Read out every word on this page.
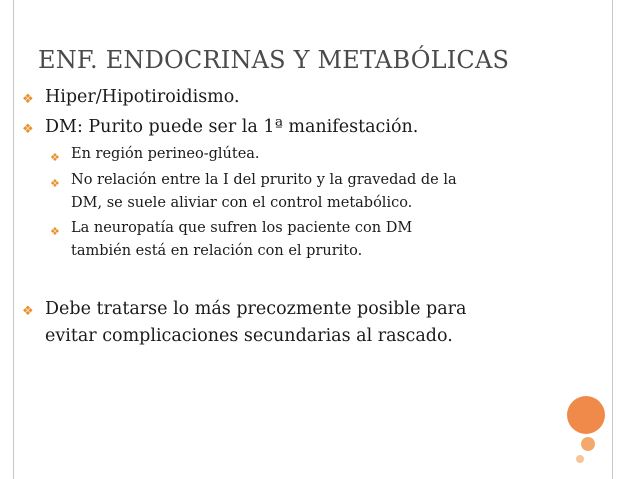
ENF. ENDOCRINAS Y METABÓLICAS
❖ Hiper/Hipotiroidismo.
❖ DM: Purito puede ser la 1ª manifestación.
❖ En región perineo-glútea.
❖ No relación entre la I del prurito y la gravedad de la
DM, se suele aliviar con el control metabólico.
❖ La neuropatía que sufren los paciente con DM
también está en relación con el prurito.
❖ Debe tratarse lo más precozmente posible para
evitar complicaciones secundarias al rascado.
